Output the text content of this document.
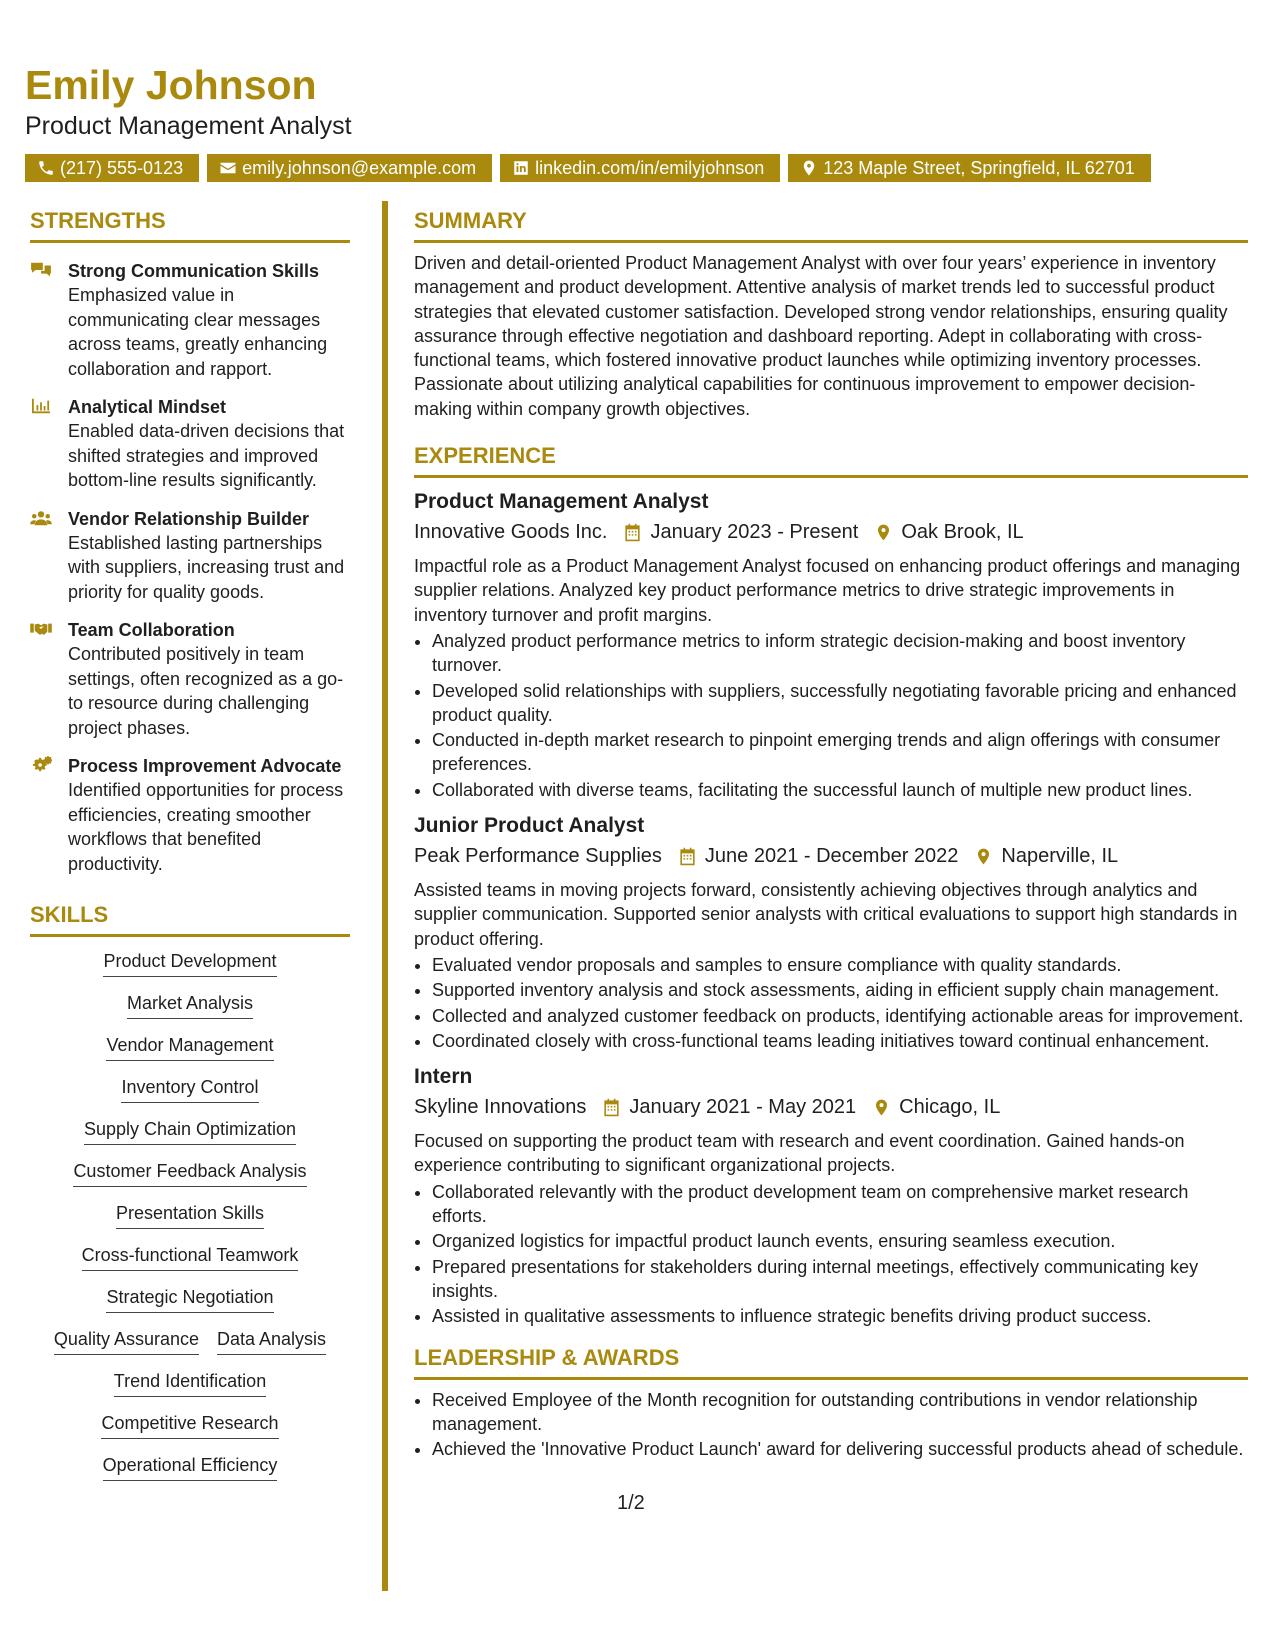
Emily Johnson
Product Management Analyst
(217) 555-0123	emily.johnson@example.com	linkedin.com/in/emilyjohnson	123 Maple Street, Springfield, IL 62701
STRENGTHS
Strong Communication Skills
Emphasized value in communicating clear messages across teams, greatly enhancing collaboration and rapport.
Analytical Mindset
Enabled data-driven decisions that shifted strategies and improved bottom-line results significantly.
Vendor Relationship Builder
Established lasting partnerships with suppliers, increasing trust and priority for quality goods.
Team Collaboration
Contributed positively in team settings, often recognized as a go-to resource during challenging project phases.
Process Improvement Advocate
Identified opportunities for process efficiencies, creating smoother workflows that benefited productivity.
SKILLS
Product Development
Market Analysis
Vendor Management
Inventory Control
Supply Chain Optimization
Customer Feedback Analysis
Presentation Skills
Cross-functional Teamwork
Strategic Negotiation
Quality Assurance Data Analysis
Trend Identification
Competitive Research
Operational Efficiency
SUMMARY

Driven and detail-oriented Product Management Analyst with over four years’ experience in inventory management and product development. Attentive analysis of market trends led to successful product strategies that elevated customer satisfaction. Developed strong vendor relationships, ensuring quality assurance through effective negotiation and dashboard reporting. Adept in collaborating with cross-functional teams, which fostered innovative product launches while optimizing inventory processes. Passionate about utilizing analytical capabilities for continuous improvement to empower decision-making within company growth objectives.

EXPERIENCE
Product Management Analyst
Innovative Goods Inc. January 2023 - Present Oak Brook, IL

Impactful role as a Product Management Analyst focused on enhancing product offerings and managing supplier relations. Analyzed key product performance metrics to drive strategic improvements in inventory turnover and profit margins.

• Analyzed product performance metrics to inform strategic decision-making and boost inventory turnover.
• Developed solid relationships with suppliers, successfully negotiating favorable pricing and enhanced product quality.
• Conducted in-depth market research to pinpoint emerging trends and align offerings with consumer preferences.
• Collaborated with diverse teams, facilitating the successful launch of multiple new product lines.
Junior Product Analyst
Peak Performance Supplies June 2021 - December 2022 Naperville, IL

Assisted teams in moving projects forward, consistently achieving objectives through analytics and supplier communication. Supported senior analysts with critical evaluations to support high standards in product offering.

• Evaluated vendor proposals and samples to ensure compliance with quality standards.
• Supported inventory analysis and stock assessments, aiding in efficient supply chain management.
• Collected and analyzed customer feedback on products, identifying actionable areas for improvement.
• Coordinated closely with cross-functional teams leading initiatives toward continual enhancement.
Intern
Skyline Innovations January 2021 - May 2021 Chicago, IL

Focused on supporting the product team with research and event coordination. Gained hands-on experience contributing to significant organizational projects.

• Collaborated relevantly with the product development team on comprehensive market research efforts.
• Organized logistics for impactful product launch events, ensuring seamless execution.
• Prepared presentations for stakeholders during internal meetings, effectively communicating key insights.
• Assisted in qualitative assessments to influence strategic benefits driving product success.
LEADERSHIP & AWARDS
• Received Employee of the Month recognition for outstanding contributions in vendor relationship management.
• Achieved the 'Innovative Product Launch' award for delivering successful products ahead of schedule.
1/2
